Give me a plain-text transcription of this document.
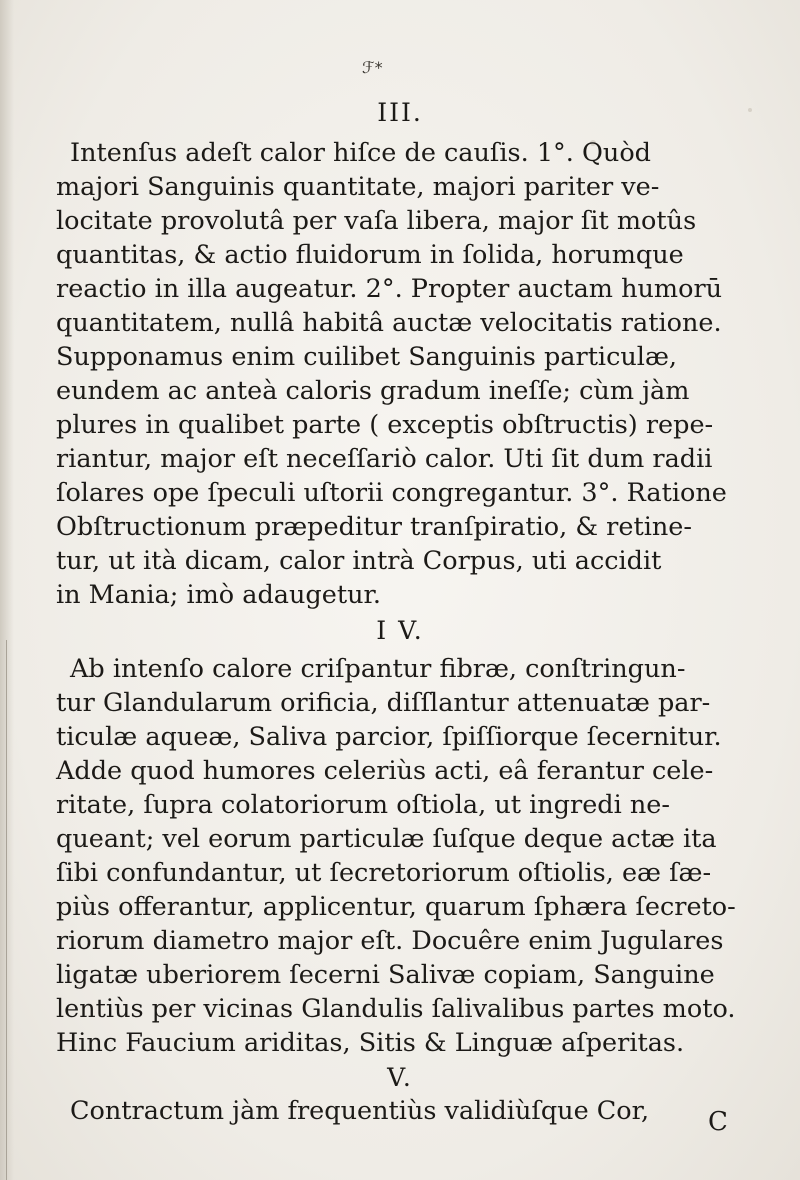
ℱ*
III.
Intenſus adeſt calor hiſce de cauſis. 1°. Quòd
majori Sanguinis quantitate, majori pariter ve-
locitate provolutâ per vaſa libera, major ſit motûs
quantitas, & actio fluidorum in ſolida, horumque
reactio in illa augeatur. 2°. Propter auctam humorū
quantitatem, nullâ habitâ auctæ velocitatis ratione.
Supponamus enim cuilibet Sanguinis particulæ,
eundem ac anteà caloris gradum ineſſe; cùm jàm
plures in qualibet parte ( exceptis obſtructis) repe-
riantur, major eſt neceſſariò calor. Uti ſit dum radii
ſolares ope ſpeculi uſtorii congregantur. 3°. Ratione
Obſtructionum præpeditur tranſpiratio, & retine-
tur, ut ità dicam, calor intrà Corpus, uti accidit
in Mania; imò adaugetur.
I V.
Ab intenſo calore criſpantur fibræ, conſtringun-
tur Glandularum orificia, diſſlantur attenuatæ par-
ticulæ aqueæ, Saliva parcior, ſpiſſiorque ſecernitur.
Adde quod humores celeriùs acti, eâ ferantur cele-
ritate, ſupra colatoriorum oſtiola, ut ingredi ne-
queant; vel eorum particulæ ſuſque deque actæ ita
ſibi confundantur, ut ſecretoriorum oſtiolis, eæ ſæ-
piùs offerantur, applicentur, quarum ſphæra ſecreto-
riorum diametro major eſt. Docuêre enim Jugulares
ligatæ uberiorem ſecerni Salivæ copiam, Sanguine
lentiùs per vicinas Glandulis ſalivalibus partes moto.
Hinc Faucium ariditas, Sitis & Linguæ aſperitas.
V.
Contractum jàm frequentiùs validiùſque Cor,	C
